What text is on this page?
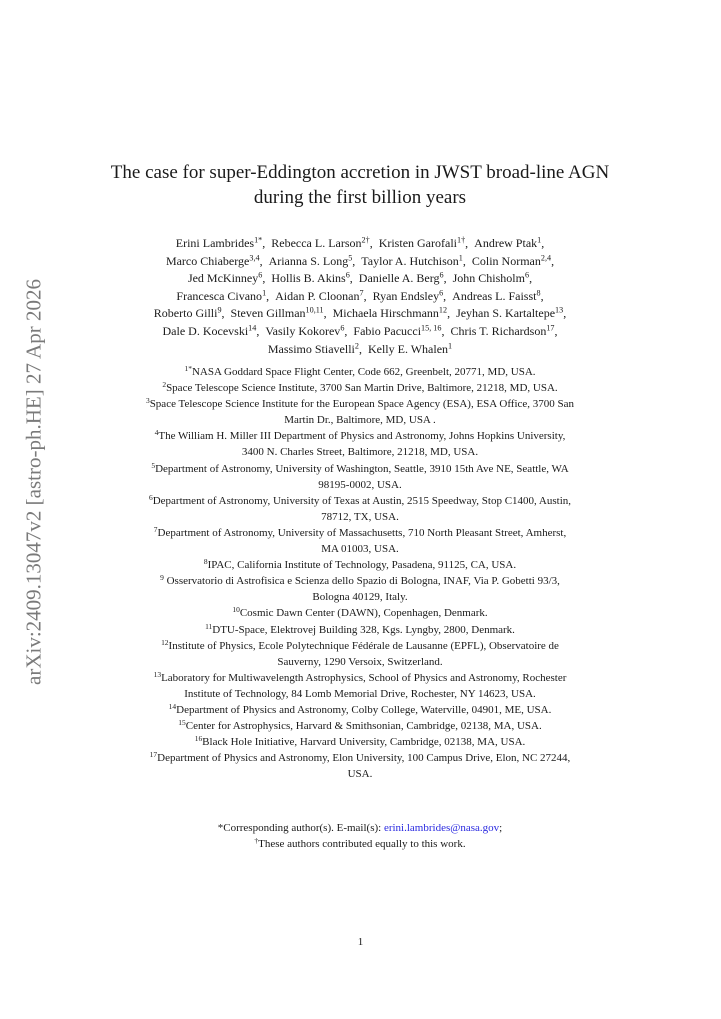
arXiv:2409.13047v2 [astro-ph.HE] 27 Apr 2026
The case for super-Eddington accretion in JWST broad-line AGN
during the first billion years
Erini Lambrides$^{1*}$,  Rebecca L. Larson$^{2\dagger}$,  Kristen Garofali$^{1\dagger}$,  Andrew Ptak$^1$,
Marco Chiaberge$^{3,4}$,  Arianna S. Long$^5$,  Taylor A. Hutchison$^1$,  Colin Norman$^{2,4}$,
Jed McKinney$^6$,  Hollis B. Akins$^6$,  Danielle A. Berg$^6$,  John Chisholm$^6$,
Francesca Civano$^1$,  Aidan P. Cloonan$^7$,  Ryan Endsley$^6$,  Andreas L. Faisst$^8$,
Roberto Gilli$^9$,  Steven Gillman$^{10,11}$,  Michaela Hirschmann$^{12}$,  Jeyhan S. Kartaltepe$^{13}$,
Dale D. Kocevski$^{14}$,  Vasily Kokorev$^6$,  Fabio Pacucci$^{15, 16}$,  Chris T. Richardson$^{17}$,
Massimo Stiavelli$^2$,  Kelly E. Whalen$^1$
$^{1*}$NASA Goddard Space Flight Center, Code 662, Greenbelt, 20771, MD, USA.
$^2$Space Telescope Science Institute, 3700 San Martin Drive, Baltimore, 21218, MD, USA.
$^3$Space Telescope Science Institute for the European Space Agency (ESA), ESA Office, 3700 San
Martin Dr., Baltimore, MD, USA .
$^4$The William H. Miller III Department of Physics and Astronomy, Johns Hopkins University,
3400 N. Charles Street, Baltimore, 21218, MD, USA.
$^5$Department of Astronomy, University of Washington, Seattle, 3910 15th Ave NE, Seattle, WA
98195-0002, USA.
$^6$Department of Astronomy, University of Texas at Austin, 2515 Speedway, Stop C1400, Austin,
78712, TX, USA.
$^7$Department of Astronomy, University of Massachusetts, 710 North Pleasant Street, Amherst,
MA 01003, USA.
$^8$IPAC, California Institute of Technology, Pasadena, 91125, CA, USA.
$^9$ Osservatorio di Astrofisica e Scienza dello Spazio di Bologna, INAF, Via P. Gobetti 93/3,
Bologna 40129, Italy.
$^{10}$Cosmic Dawn Center (DAWN), Copenhagen, Denmark.
$^{11}$DTU-Space, Elektrovej Building 328, Kgs. Lyngby, 2800, Denmark.
$^{12}$Institute of Physics, Ecole Polytechnique Fédérale de Lausanne (EPFL), Observatoire de
Sauverny, 1290 Versoix, Switzerland.
$^{13}$Laboratory for Multiwavelength Astrophysics, School of Physics and Astronomy, Rochester
Institute of Technology, 84 Lomb Memorial Drive, Rochester, NY 14623, USA.
$^{14}$Department of Physics and Astronomy, Colby College, Waterville, 04901, ME, USA.
$^{15}$Center for Astrophysics, Harvard & Smithsonian, Cambridge, 02138, MA, USA.
$^{16}$Black Hole Initiative, Harvard University, Cambridge, 02138, MA, USA.
$^{17}$Department of Physics and Astronomy, Elon University, 100 Campus Drive, Elon, NC 27244,
USA.
*Corresponding author(s). E-mail(s): erini.lambrides@nasa.gov;
†These authors contributed equally to this work.
1
